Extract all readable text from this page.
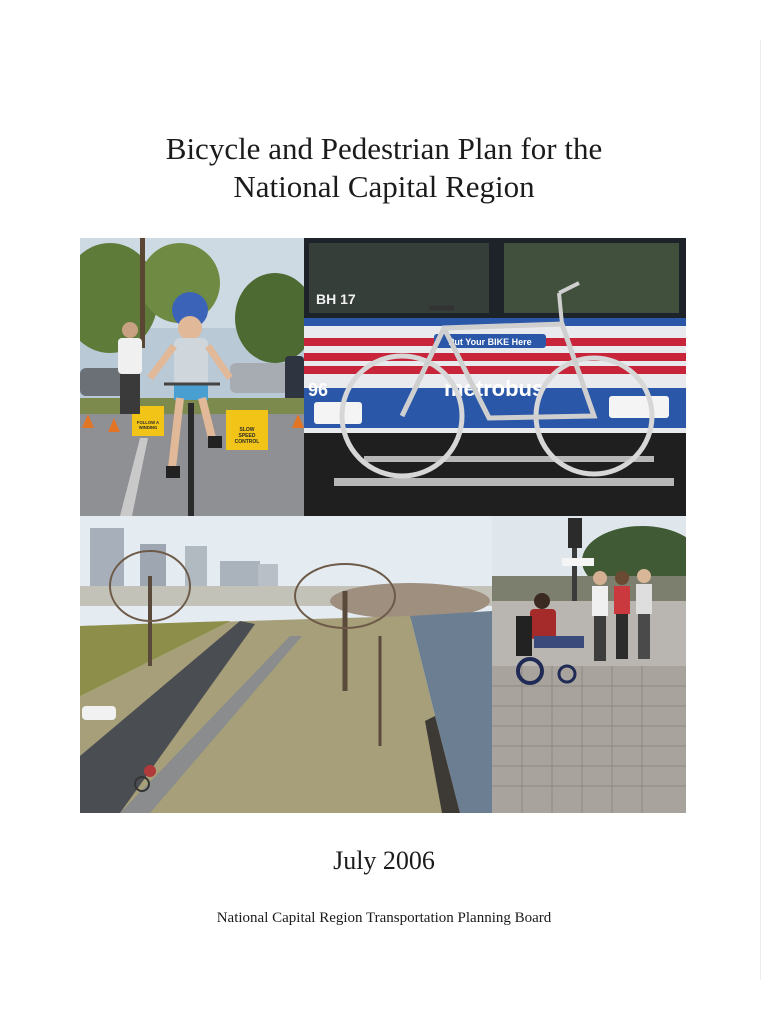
Bicycle and Pedestrian Plan for the
National Capital Region
FOLLOW A
WINDING	SLOW
SPEED
CONTROL
BH 17
Put Your BIKE Here
96	metrobus
July 2006

National Capital Region Transportation Planning Board
